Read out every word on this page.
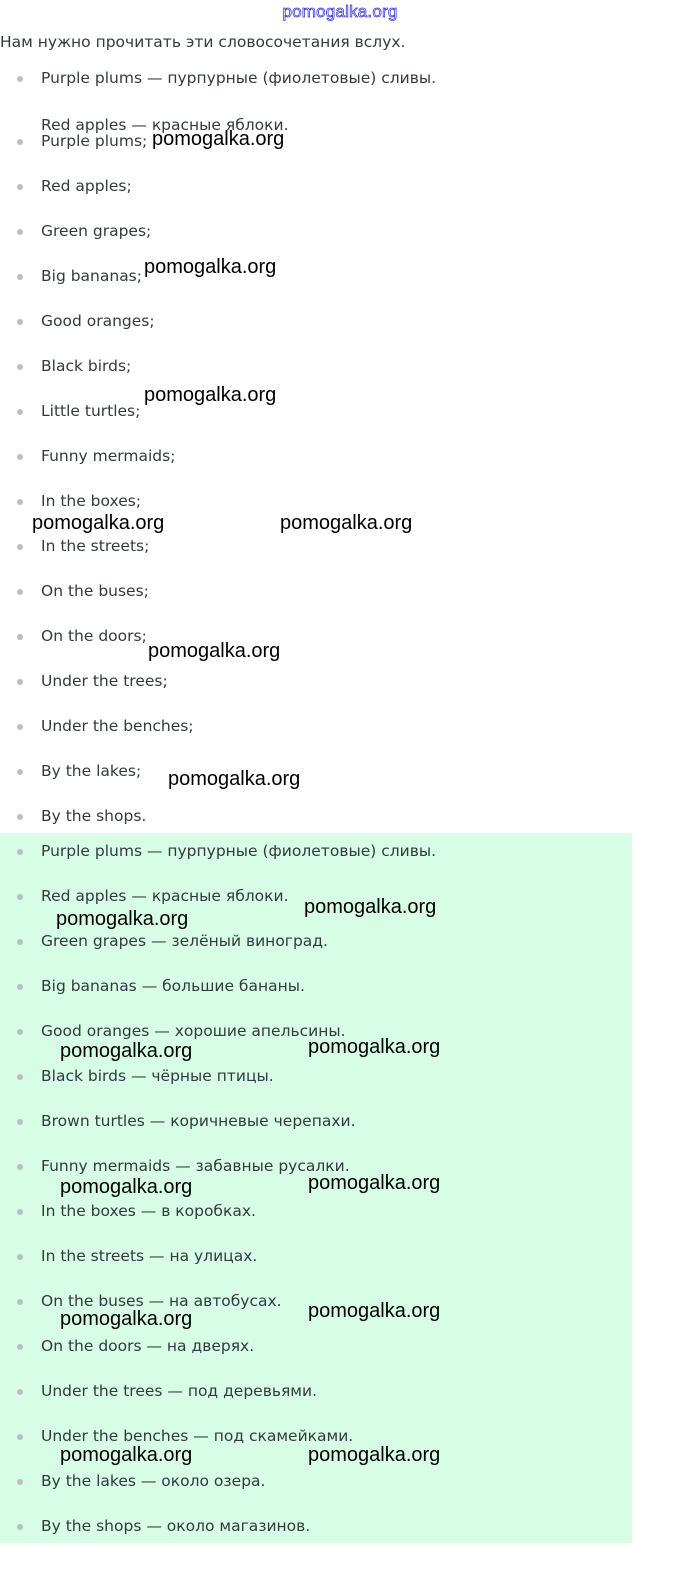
pomogalka.org
Нам нужно прочитать эти словосочетания вслух.
Purple plums — пурпурные (фиолетовые) сливы.
Red apples — красные яблоки.
Purple plums;
Red apples;
Green grapes;
Big bananas;
Good oranges;
Black birds;
Little turtles;
Funny mermaids;
In the boxes;
In the streets;
On the buses;
On the doors;
Under the trees;
Under the benches;
By the lakes;
By the shops.
Purple plums — пурпурные (фиолетовые) сливы.
Red apples — красные яблоки.
Green grapes — зелёный виноград.
Big bananas — большие бананы.
Good oranges — хорошие апельсины.
Black birds — чёрные птицы.
Brown turtles — коричневые черепахи.
Funny mermaids — забавные русалки.
In the boxes — в коробках.
In the streets — на улицах.
On the buses — на автобусах.
On the doors — на дверях.
Under the trees — под деревьями.
Under the benches — под скамейками.
By the lakes — около озера.
By the shops — около магазинов.
pomogalka.org
pomogalka.org
pomogalka.org
pomogalka.org	pomogalka.org
pomogalka.org
pomogalka.org
pomogalka.org
pomogalka.org
pomogalka.org	pomogalka.org
pomogalka.org	pomogalka.org
pomogalka.org
pomogalka.org
pomogalka.org	pomogalka.org
